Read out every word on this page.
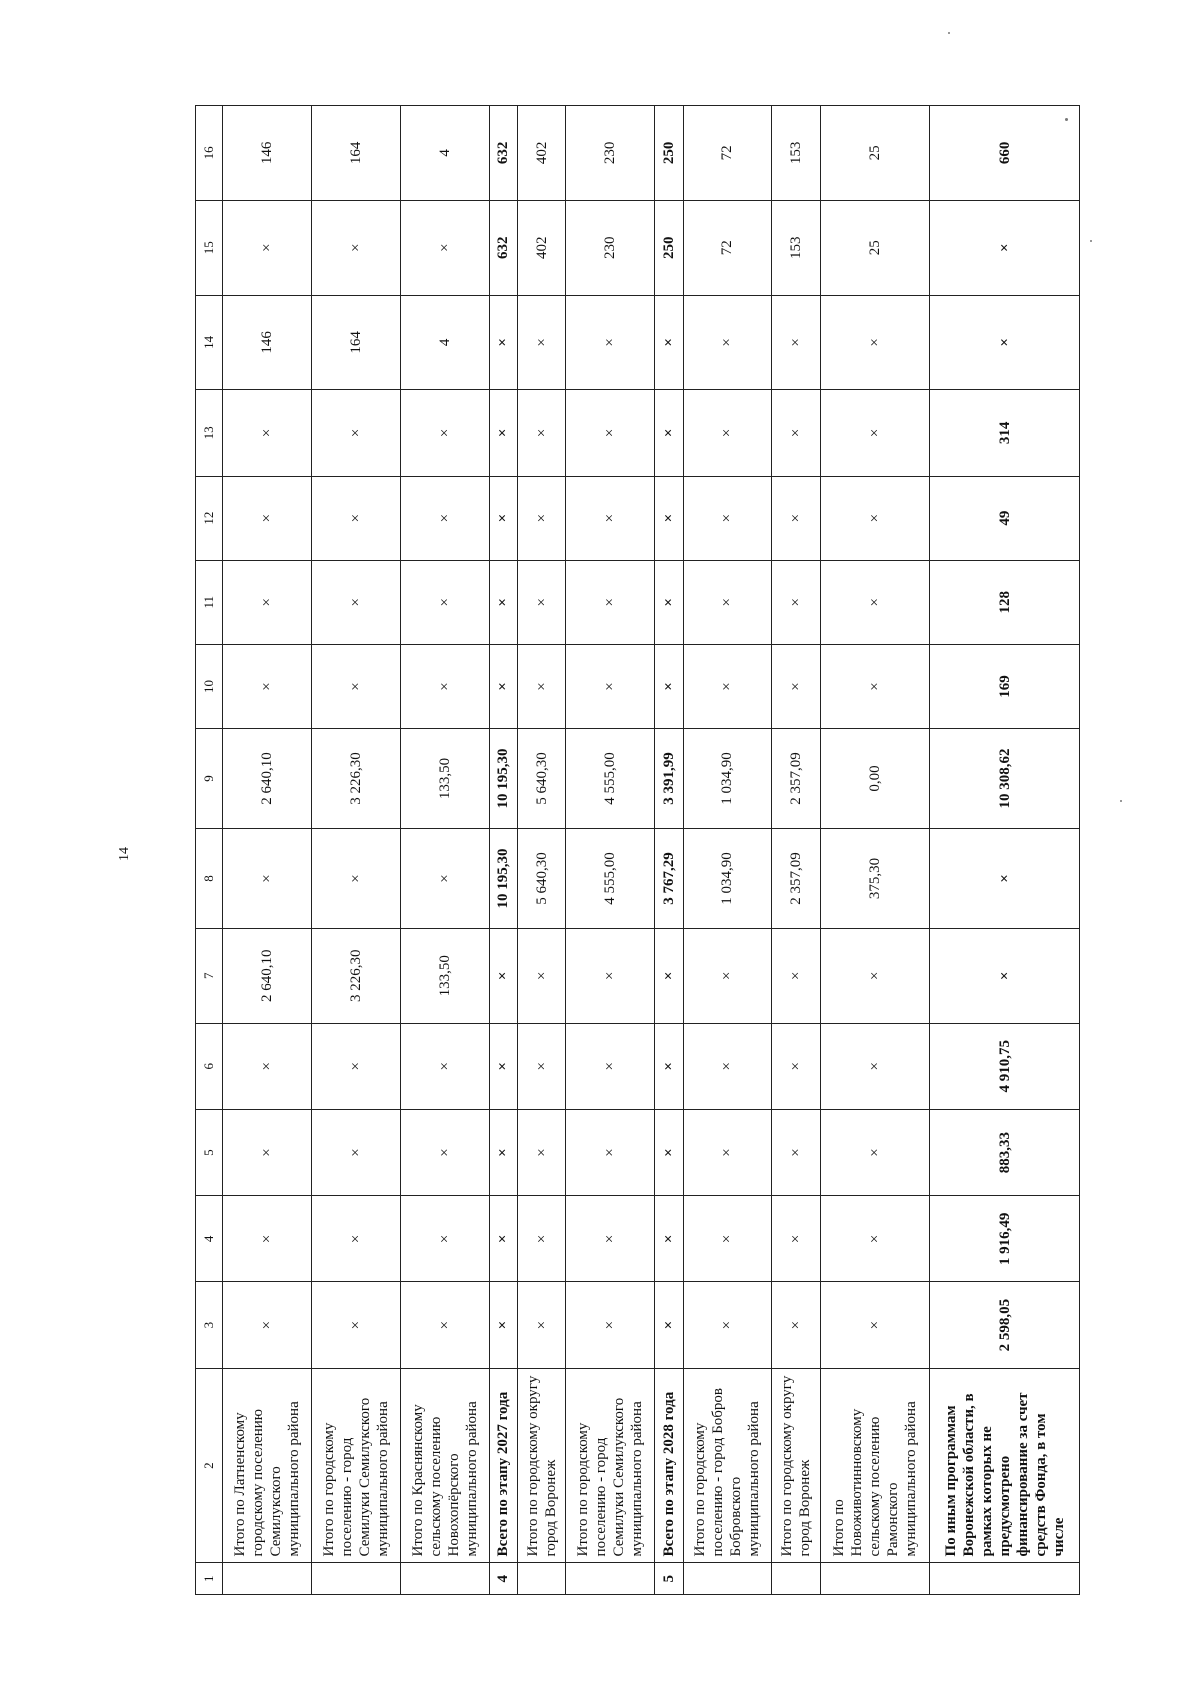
14
1	2	3	4	5	6	7	8	9	10	11	12	13	14	15	16
	Итого по Латненскому городскому поселению Семилукского муниципального района	×	×	×	×	2 640,10	×	2 640,10	×	×	×	×	146	×	146
	Итого по городскому поселению - город Семилуки Семилукского муниципального района	×	×	×	×	3 226,30	×	3 226,30	×	×	×	×	164	×	164
	Итого по Краснянскому сельскому поселению Новохопёрского муниципального района	×	×	×	×	133,50	×	133,50	×	×	×	×	4	×	4
4	Всего по этапу 2027 года	×	×	×	×	×	10 195,30	10 195,30	×	×	×	×	×	632	632
	Итого по городскому округу город Воронеж	×	×	×	×	×	5 640,30	5 640,30	×	×	×	×	×	402	402
	Итого по городскому поселению - город Семилуки Семилукского муниципального района	×	×	×	×	×	4 555,00	4 555,00	×	×	×	×	×	230	230
5	Всего по этапу 2028 года	×	×	×	×	×	3 767,29	3 391,99	×	×	×	×	×	250	250
	Итого по городскому поселению - город Бобров Бобровского муниципального района	×	×	×	×	×	1 034,90	1 034,90	×	×	×	×	×	72	72
	Итого по городскому округу город Воронеж	×	×	×	×	×	2 357,09	2 357,09	×	×	×	×	×	153	153
	Итого по Новоживотинновскому сельскому поселению Рамонского муниципального района	×	×	×	×	×	375,30	0,00	×	×	×	×	×	25	25
	По иным программам Воронежской области, в рамках которых не предусмотрено финансирование за счет средств Фонда, в том числе	2 598,05	1 916,49	883,33	4 910,75	×	×	10 308,62	169	128	49	314	×	×	660
